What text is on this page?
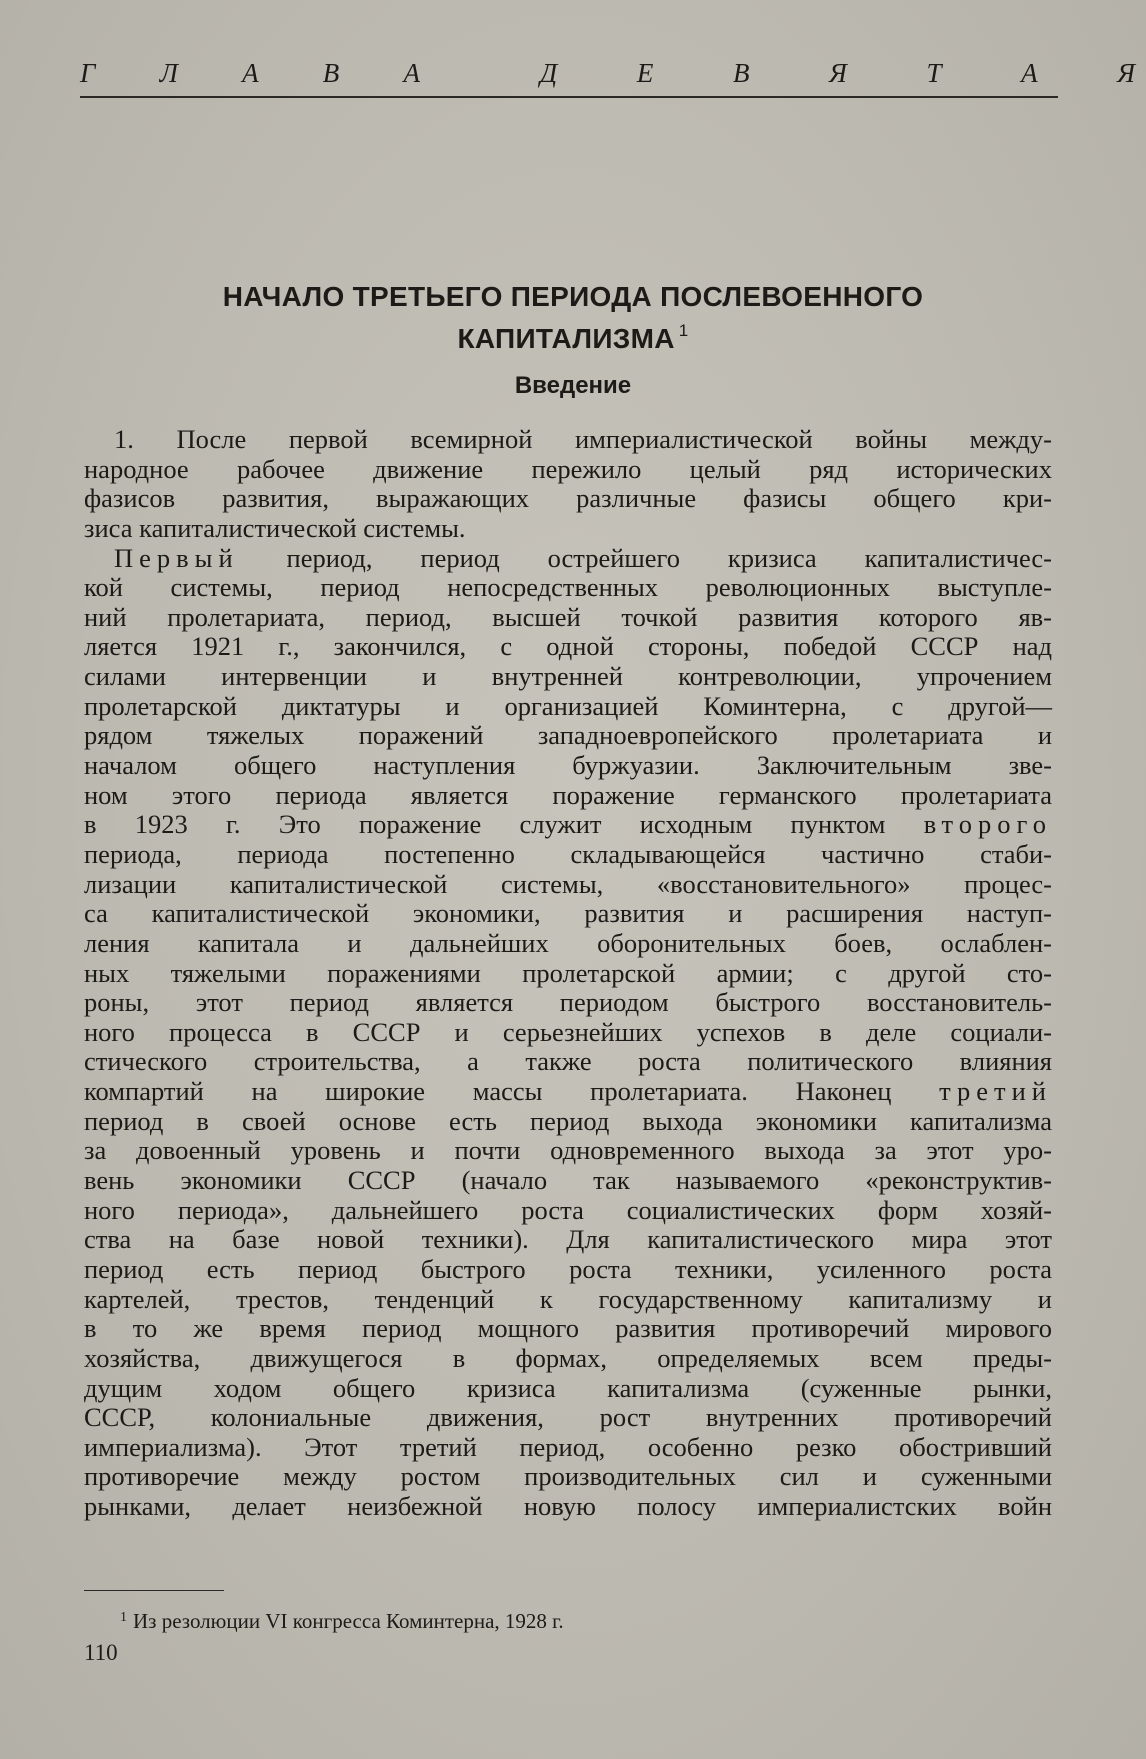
Г Л А В А	Д	Е	В	Я	Т	А	Я
НАЧАЛО ТРЕТЬЕГО ПЕРИОДА ПОСЛЕВОЕННОГО
КАПИТАЛИЗМА $^1$
Введение
1. После первой всемирной империалистической войны между-
народное рабочее движение пережило целый ряд исторических
фазисов развития, выражающих различные фазисы общего кри-
зиса капиталистической системы.
Первый период, период острейшего кризиса капиталистичес-
кой системы, период непосредственных революционных выступле-
ний пролетариата, период, высшей точкой развития которого яв-
ляется 1921 г., закончился, с одной стороны, победой СССР над
силами интервенции и внутренней контреволюции, упрочением
пролетарской диктатуры и организацией Коминтерна, с другой—
рядом тяжелых поражений западноевропейского пролетариата и
началом общего наступления буржуазии. Заключительным зве-
ном этого периода является поражение германского пролетариата
в 1923 г. Это поражение служит исходным пунктом второго
периода, периода постепенно складывающейся частично стаби-
лизации капиталистической системы, «восстановительного» процес-
са капиталистической экономики, развития и расширения наступ-
ления капитала и дальнейших оборонительных боев, ослаблен-
ных тяжелыми поражениями пролетарской армии; с другой сто-
роны, этот период является периодом быстрого восстановитель-
ного процесса в СССР и серьезнейших успехов в деле социали-
стического строительства, а также роста политического влияния
компартий на широкие массы пролетариата. Наконец третий
период в своей основе есть период выхода экономики капитализма
за довоенный уровень и почти одновременного выхода за этот уро-
вень экономики СССР (начало так называемого «реконструктив-
ного периода», дальнейшего роста социалистических форм хозяй-
ства на базе новой техники). Для капиталистического мира этот
период есть период быстрого роста техники, усиленного роста
картелей, трестов, тенденций к государственному капитализму и
в то же время период мощного развития противоречий мирового
хозяйства, движущегося в формах, определяемых всем преды-
дущим ходом общего кризиса капитализма (суженные рынки,
СССР, колониальные движения, рост внутренних противоречий
империализма). Этот третий период, особенно резко обостривший
противоречие между ростом производительных сил и суженными
рынками, делает неизбежной новую полосу империалистских войн
$^1$ Из резолюции VI конгресса Коминтерна, 1928 г.
110
